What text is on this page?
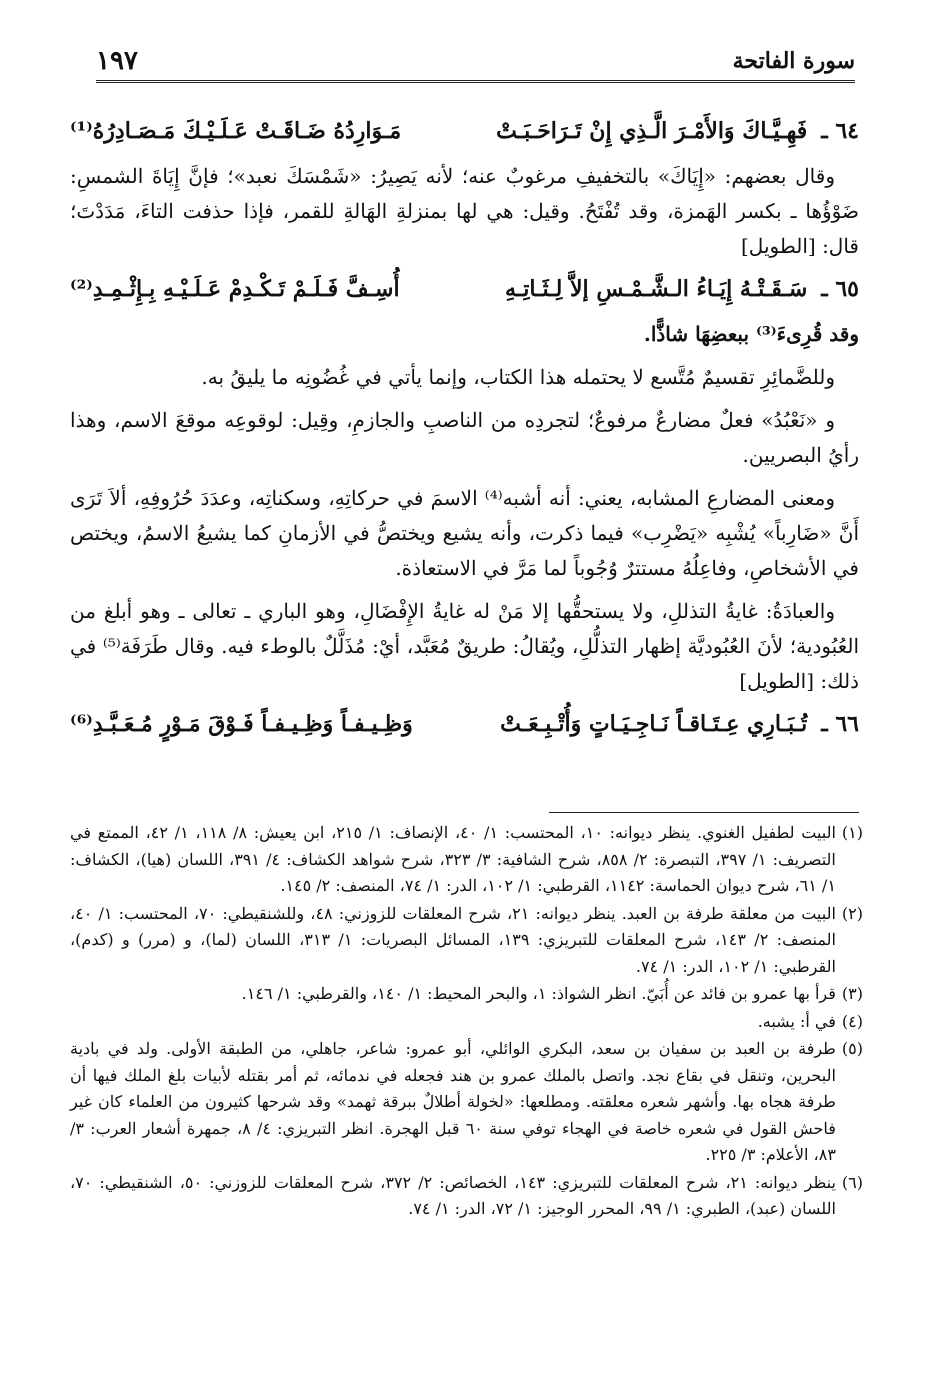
سورة الفاتحة
١٩٧
٦٤ ـ
فَهِـيَّـاكَ وَالأَمْـرَ الَّـذِي إِنْ تَـرَاحَـبَـتْ
مَـوَارِدُهُ ضَـاقَـتْ عَـلَـيْـكَ مَـصَـادِرُهُ⁽¹⁾

وقال بعضهم: «إِيَاكَ» بالتخفيفِ مرغوبٌ عنه؛ لأنه يَصِيرُ: «شَمْسَكَ نعبد»؛ فإنَّ إِيَاةَ الشمسِ: ضَوْؤُها ـ بكسر الهَمزة، وقد تُفْتَحُ. وقيل: هي لها بمنزلةِ الهَالةِ للقمر، فإذا حذفت التاءَ، مَدَدْتَ؛ قال: [الطويل]

٦٥ ـ
سَـقَـتْـهُ إِيَـاءُ الـشَّـمْـسِ إلاَّ لِـثَـاتِـهِ
أُسِـفَّ فَـلَـمْ تَـكْـدِمْ عَـلَـيْـهِ بِـإِثْـمِـدِ⁽²⁾

وقد قُرِىءَ⁽³⁾ ببعضِهَا شاذًّا.

وللضَّمائِرِ تقسيمٌ مُتَّسع لا يحتمله هذا الكتاب، وإنما يأتي في غُضُونِه ما يليقُ به.

و «نَعْبُدُ» فعلٌ مضارعٌ مرفوعٌ؛ لتجردِه من الناصبِ والجازمِ، وقِيل: لوقوعِه موقعَ الاسم، وهذا رأيُ البصريين.

ومعنى المضارعِ المشابه، يعني: أنه أشبه⁽⁴⁾ الاسمَ في حركاتِهِ، وسكناتِه، وعدَدَ حُرُوفِهِ، ألاَ تَرَى أَنَّ «ضَارِباً» يُشْبِه «يَضْرِب» فيما ذكرت، وأنه يشيع ويختصُّ في الأزمانِ كما يشيعُ الاسمُ، ويختص في الأشخاصِ، وفاعِلُهُ مستترٌ وُجُوباً لما مَرَّ في الاستعاذة.

والعبادَةُ: غايةُ التذللِ، ولا يستحقُّها إلا مَنْ له غايةُ الإِفْضَالِ، وهو الباري ـ تعالى ـ وهو أبلغ من العُبُودية؛ لأنَ العُبُوديَّة إظهار التذلُّلِ، ويُقالُ: طريقٌ مُعَبَّد، أيْ: مُذَلَّلٌ بالوطء فيه. وقال طَرَفَة⁽⁵⁾ في ذلك: [الطويل]

٦٦ ـ
تُـبَـارِي عِـتَـاقـاً نَـاجِـيَـاتٍ وَأُتْـبِـعَـتْ
وَظِـيـفـاً وَظِـيـفـاً فَـوْقَ مَـوْرٍ مُـعَـبَّـدِ⁽⁶⁾
(١)
البيت لطفيل الغنوي. ينظر ديوانه: ١٠، المحتسب: ١/ ٤٠، الإنصاف: ١/ ٢١٥، ابن يعيش: ٨/ ١١٨، ١/ ٤٢، الممتع في التصريف: ١/ ٣٩٧، التبصرة: ٢/ ٨٥٨، شرح الشافية: ٣/ ٣٢٣، شرح شواهد الكشاف: ٤/ ٣٩١، اللسان (هيا)، الكشاف: ١/ ٦١، شرح ديوان الحماسة: ١١٤٢، القرطبي: ١/ ١٠٢، الدر: ١/ ٧٤، المنصف: ٢/ ١٤٥.
(٢)
البيت من معلقة طرفة بن العبد. ينظر ديوانه: ٢١، شرح المعلقات للزوزني: ٤٨، وللشنقيطي: ٧٠، المحتسب: ١/ ٤٠، المنصف: ٢/ ١٤٣، شرح المعلقات للتبريزي: ١٣٩، المسائل البصريات: ١/ ٣١٣، اللسان (لما)، و (مرر) و (كدم)، القرطبي: ١/ ١٠٢، الدر: ١/ ٧٤.
(٣)
قرأ بها عمرو بن فائد عن أُبَيّ. انظر الشواذ: ١، والبحر المحيط: ١/ ١٤٠، والقرطبي: ١/ ١٤٦.
(٤)
في أ: يشبه.
(٥)
طرفة بن العبد بن سفيان بن سعد، البكري الوائلي، أبو عمرو: شاعر، جاهلي، من الطبقة الأولى. ولد في بادية البحرين، وتنقل في بقاع نجد. واتصل بالملك عمرو بن هند فجعله في ندمائه، ثم أمر بقتله لأبيات بلغ الملك فيها أن طرفة هجاه بها. وأشهر شعره معلقته. ومطلعها: «لخولة أطلالٌ ببرقة ثهمد» وقد شرحها كثيرون من العلماء كان غير فاحش القول في شعره خاصة في الهجاء توفي سنة ٦٠ قبل الهجرة. انظر التبريزي: ٤/ ٨، جمهرة أشعار العرب: ٣/ ٨٣، الأعلام: ٣/ ٢٢٥.
(٦)
ينظر ديوانه: ٢١، شرح المعلقات للتبريزي: ١٤٣، الخصائص: ٢/ ٣٧٢، شرح المعلقات للزوزني: ٥٠، الشنقيطي: ٧٠، اللسان (عبد)، الطبري: ١/ ٩٩، المحرر الوجيز: ١/ ٧٢، الدر: ١/ ٧٤.
